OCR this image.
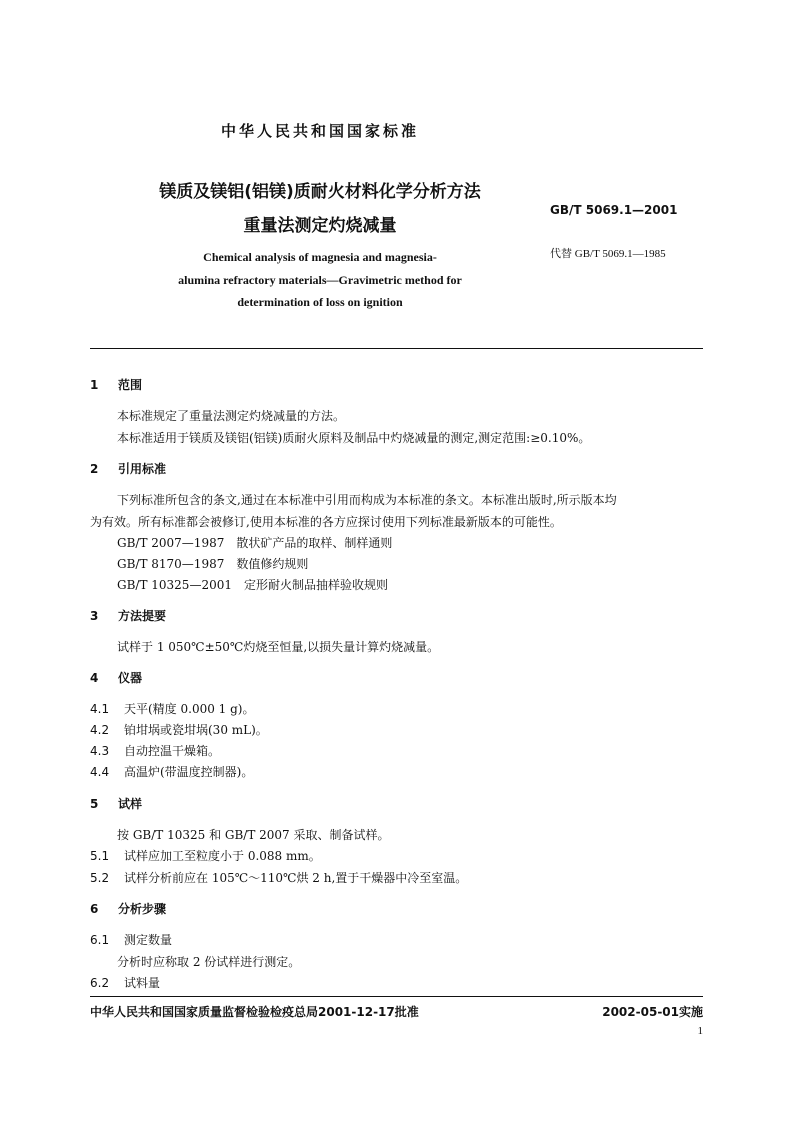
中华人民共和国国家标准
镁质及镁铝(铝镁)质耐火材料化学分析方法
重量法测定灼烧减量
GB/T 5069.1—2001
代替 GB/T 5069.1—1985
Chemical analysis of magnesia and magnesia-
alumina refractory materials—Gravimetric method for
determination of loss on ignition
1 范围
本标准规定了重量法测定灼烧减量的方法。
本标准适用于镁质及镁铝(铝镁)质耐火原料及制品中灼烧减量的测定,测定范围:≥0.10%。
2 引用标准
下列标准所包含的条文,通过在本标准中引用而构成为本标准的条文。本标准出版时,所示版本均
为有效。所有标准都会被修订,使用本标准的各方应探讨使用下列标准最新版本的可能性。
GB/T 2007—1987　散状矿产品的取样、制样通则
GB/T 8170—1987　数值修约规则
GB/T 10325—2001　定形耐火制品抽样验收规则
3 方法提要
试样于 1 050℃±50℃灼烧至恒量,以损失量计算灼烧减量。
4 仪器
4.1 天平(精度 0.000 1 g)。
4.2 铂坩埚或瓷坩埚(30 mL)。
4.3 自动控温干燥箱。
4.4 高温炉(带温度控制器)。
5 试样
按 GB/T 10325 和 GB/T 2007 采取、制备试样。
5.1 试样应加工至粒度小于 0.088 mm。
5.2 试样分析前应在 105℃～110℃烘 2 h,置于干燥器中冷至室温。
6 分析步骤
6.1 测定数量
分析时应称取 2 份试样进行测定。
6.2 试料量
中华人民共和国国家质量监督检验检疫总局2001-12-17批准	2002-05-01实施
1
